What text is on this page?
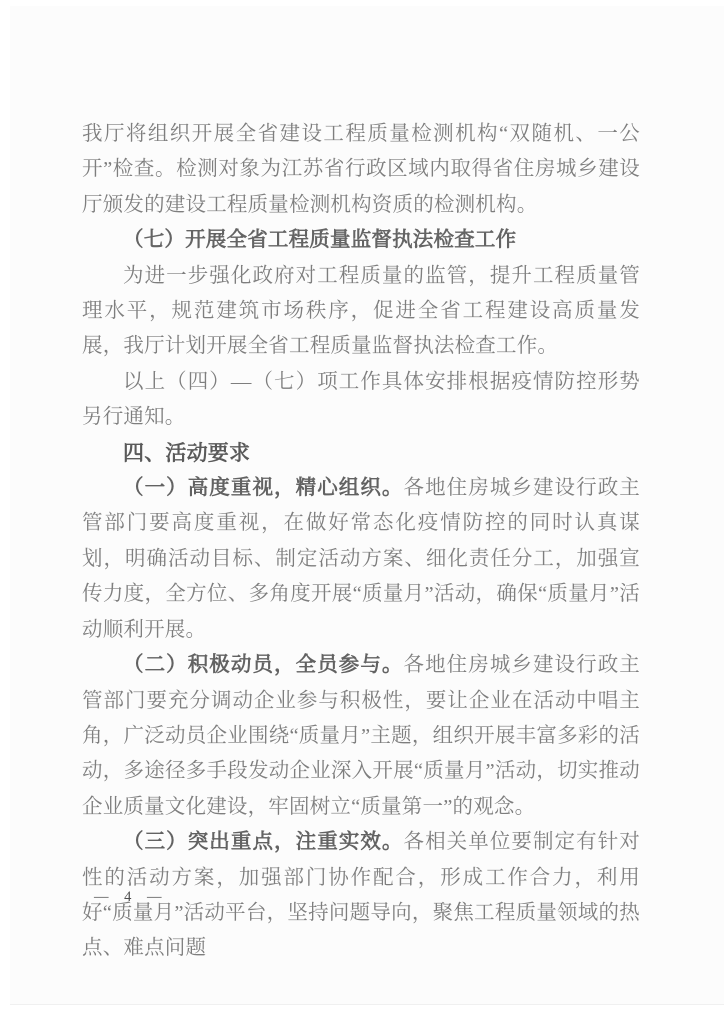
我厅将组织开展全省建设工程质量检测机构“双随机、一公开”检查。检测对象为江苏省行政区域内取得省住房城乡建设厅颁发的建设工程质量检测机构资质的检测机构。

（七）开展全省工程质量监督执法检查工作

为进一步强化政府对工程质量的监管，提升工程质量管理水平，规范建筑市场秩序，促进全省工程建设高质量发展，我厅计划开展全省工程质量监督执法检查工作。

以上（四）—（七）项工作具体安排根据疫情防控形势另行通知。

四、活动要求

（一）高度重视，精心组织。各地住房城乡建设行政主管部门要高度重视，在做好常态化疫情防控的同时认真谋划，明确活动目标、制定活动方案、细化责任分工，加强宣传力度，全方位、多角度开展“质量月”活动，确保“质量月”活动顺利开展。

（二）积极动员，全员参与。各地住房城乡建设行政主管部门要充分调动企业参与积极性，要让企业在活动中唱主角，广泛动员企业围绕“质量月”主题，组织开展丰富多彩的活动，多途径多手段发动企业深入开展“质量月”活动，切实推动企业质量文化建设，牢固树立“质量第一”的观念。

（三）突出重点，注重实效。各相关单位要制定有针对性的活动方案，加强部门协作配合，形成工作合力，利用好“质量月”活动平台，坚持问题导向，聚焦工程质量领域的热点、难点问题

— 4 —
